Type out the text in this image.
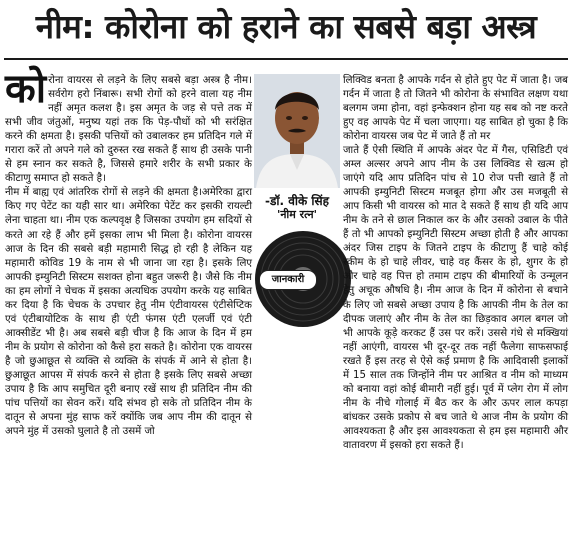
नीम: कोरोना को हराने का सबसे बड़ा अस्त्र

कोरोना वायरस से लड़ने के लिए सबसे बड़ा अस्त्र है नीम। सर्वरोग हरो निंबारू। सभी रोगों को हरने वाला यह नीम नहीं अमृत कलश है। इस अमृत के जड़ से पत्ते तक में सभी जीव जंतुओं, मनुष्य यहां तक कि पेड़-पौधों को भी सरंक्षित करने की क्षमता है। इसकी पत्तियों को उबालकर हम प्रतिदिन गले में गरारा करें तो अपने गले को दुरुस्त रख सकते हैं साथ ही उसके पानी से हम स्नान कर सकते है, जिससे हमारे शरीर के सभी प्रकार के कीटाणु समाप्त हो सकते है।

नीम में बाह्य एवं आंतरिक रोगों से लड़ने की क्षमता है।अमेरिका द्वारा किए गए पेटेंट का यही सार था। अमेरिका पेटेंट कर इसकी रायल्टी लेना चाहता था। नीम एक कल्पवृक्ष है जिसका उपयोग हम सदियों से करते आ रहे हैं और हमें इसका लाभ भी मिला है। कोरोना वायरस आज के दिन की सबसे बड़ी महामारी सिद्ध हो रही है लेकिन यह महामारी कोविड 19 के नाम से भी जाना जा रहा है। इसके लिए आपकी इम्युनिटी सिस्टम सशक्त होना बहुत जरूरी है। जैसे कि नीम का हम लोगों ने चेचक में इसका अत्यधिक उपयोग करके यह साबित कर दिया है कि चेचक के उपचार हेतु नीम एंटीवायरस एंटीसेप्टिक एवं एंटीबायोटिक के साथ ही एंटी फंगस एंटी एलर्जी एवं एंटी आक्सीडेंट भी है। अब सबसे बड़ी चीज है कि आज के दिन में हम नीम के प्रयोग से कोरोना को कैसे हरा सकते है। कोरोना एक वायरस है जो छुआछूत से व्यक्ति से व्यक्ति के संपर्क में आने से होता है। छुआछूत आपस में संपर्क करने से होता है इसके लिए सबसे अच्छा उपाय है कि आप समुचित दूरी बनाए रखें साथ ही प्रतिदिन नीम की पांच पत्तियों का सेवन करें। यदि संभव हो सके तो प्रतिदिन नीम के दातून से अपना मुंह साफ करें क्योंकि जब आप नीम की दातून से अपने मुंह में उसको घुलाते है तो उसमें जो

-डॉ. वीके सिंह
'नीम रत्न'

लिक्विड बनता है आपके गर्दन से होते हुए पेट में जाता है। जब गर्दन में जाता है तो जितने भी कोरोना के संभावित लक्षण यथा बलगम जमा होना, वहां इन्फेक्शन होना यह सब को नष्ट करते हुए वह आपके पेट में चला जाएगा। यह साबित हो चुका है कि कोरोना वायरस जब पेट में जाते हैं तो मर

जानकारी

जाते हैं ऐसी स्थिति में आपके अंदर पेट में गैस, एसिडिटी एवं अम्ल अल्सर अपने आप नीम के उस लिक्विड से खत्म हो जाएंगे यदि आप प्रतिदिन पांच से 10 रोज पत्ती खाते हैं तो आपकी इम्युनिटी सिस्टम मजबूत होगा और उस मजबूती से आप किसी भी वायरस को मात दे सकते हैं साथ ही यदि आप नीम के तने से छाल निकाल कर के और उसको उबाल के पीते हैं तो भी आपको इम्युनिटी सिस्टम अच्छा होती है और आपका अंदर जिस टाइप के जितने टाइप के कीटाणु हैं चाहे कोई स्कीम के हो चाहे लीवर, चाहे वह कैंसर के हो, शुगर के हो और चाहे वह पित्त हो तमाम टाइप की बीमारियों के उन्मूलन हेतु अचूक औषधि है। नीम आज के दिन में कोरोना से बचाने के लिए जो सबसे अच्छा उपाय है कि आपकी नीम के तेल का दीपक जलाएं और नीम के तेल का छिड़काव अगल बगल जो भी आपके कूड़े करकट हैं उस पर करें। उससे गंधे से मक्खियां नहीं आएंगी, वायरस भी दूर-दूर तक नहीं फैलेगा साफसफाई रखते हैं इस तरह से ऐसे कई प्रमाण है कि आदिवासी इलाकों में 15 साल तक जिन्होंने नीम पर आश्रित व नीम को माध्यम को बनाया वहां कोई बीमारी नहीं हुई। पूर्व में प्लेग रोग में लोग नीम के नीचे गोलाई में बैठ कर के और ऊपर लाल कपड़ा बांधकर उसके प्रकोप से बच जाते थे आज नीम के प्रयोग की आवश्यकता है और इस आवश्यकता से हम इस महामारी और वातावरण में इसको हरा सकते हैं।
